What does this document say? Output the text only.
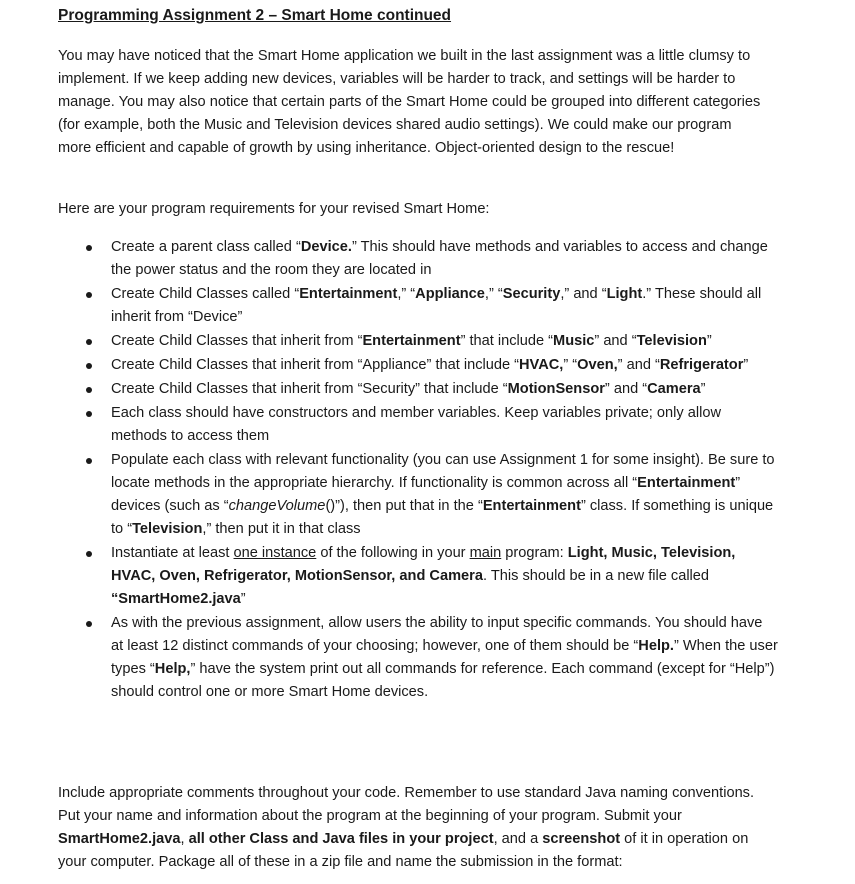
Programming Assignment 2 – Smart Home continued

You may have noticed that the Smart Home application we built in the last assignment was a little clumsy to implement. If we keep adding new devices, variables will be harder to track, and settings will be harder to manage. You may also notice that certain parts of the Smart Home could be grouped into different categories (for example, both the Music and Television devices shared audio settings). We could make our program more efficient and capable of growth by using inheritance. Object-oriented design to the rescue!

Here are your program requirements for your revised Smart Home:

Create a parent class called “Device.” This should have methods and variables to access and change the power status and the room they are located in
Create Child Classes called “Entertainment,” “Appliance,” “Security,” and “Light.” These should all inherit from “Device”
Create Child Classes that inherit from “Entertainment” that include “Music” and “Television”
Create Child Classes that inherit from “Appliance” that include “HVAC,” “Oven,” and “Refrigerator”
Create Child Classes that inherit from “Security” that include “MotionSensor” and “Camera”
Each class should have constructors and member variables. Keep variables private; only allow methods to access them
Populate each class with relevant functionality (you can use Assignment 1 for some insight). Be sure to locate methods in the appropriate hierarchy. If functionality is common across all “Entertainment” devices (such as “changeVolume()”), then put that in the “Entertainment” class. If something is unique to “Television,” then put it in that class
Instantiate at least one instance of the following in your main program: Light, Music, Television, HVAC, Oven, Refrigerator, MotionSensor, and Camera. This should be in a new file called “SmartHome2.java”
As with the previous assignment, allow users the ability to input specific commands. You should have at least 12 distinct commands of your choosing; however, one of them should be “Help.” When the user types “Help,” have the system print out all commands for reference. Each command (except for “Help”) should control one or more Smart Home devices.

Include appropriate comments throughout your code. Remember to use standard Java naming conventions. Put your name and information about the program at the beginning of your program. Submit your SmartHome2.java, all other Class and Java files in your project, and a screenshot of it in operation on your computer. Package all of these in a zip file and name the submission in the format:
